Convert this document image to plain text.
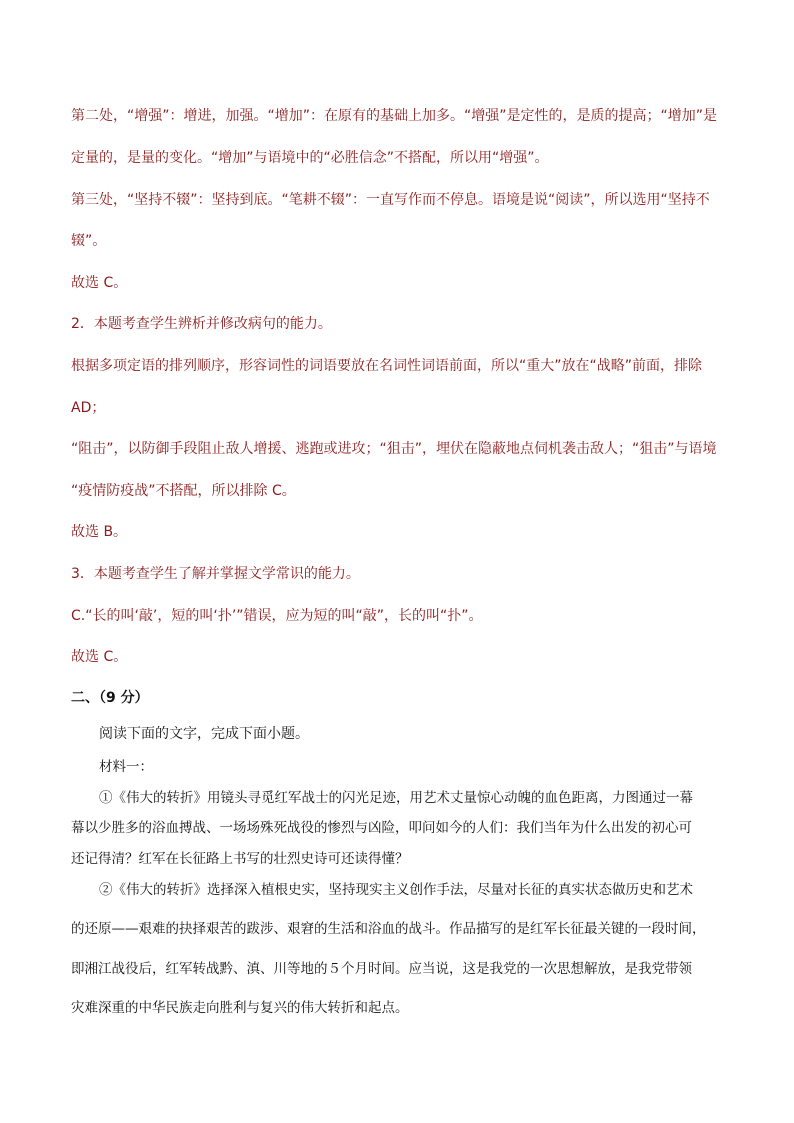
第二处，“增强”：增进，加强。“增加”：在原有的基础上加多。“增强”是定性的，是质的提高；“增加”是
定量的，是量的变化。“增加”与语境中的“必胜信念”不搭配，所以用“增强”。
第三处，“坚持不辍”：坚持到底。“笔耕不辍”：一直写作而不停息。语境是说“阅读”，所以选用“坚持不
辍”。
故选 C。
2．本题考查学生辨析并修改病句的能力。
根据多项定语的排列顺序，形容词性的词语要放在名词性词语前面，所以“重大”放在“战略”前面，排除
AD；
“阻击”，以防御手段阻止敌人增援、逃跑或进攻；“狙击”，埋伏在隐蔽地点伺机袭击敌人；“狙击”与语境
“疫情防疫战”不搭配，所以排除 C。
故选 B。
3．本题考查学生了解并掌握文学常识的能力。
C.“长的叫‘敲’，短的叫‘扑’”错误，应为短的叫“敲”，长的叫“扑”。
故选 C。
二、（9 分）
阅读下面的文字，完成下面小题。
材料一：
①《伟大的转折》用镜头寻觅红军战士的闪光足迹，用艺术丈量惊心动魄的血色距离，力图通过一幕
幕以少胜多的浴血搏战、一场场殊死战役的惨烈与凶险，叩问如今的人们：我们当年为什么出发的初心可
还记得清？红军在长征路上书写的壮烈史诗可还读得懂？
②《伟大的转折》选择深入植根史实，坚持现实主义创作手法，尽量对长征的真实状态做历史和艺术
的还原——艰难的抉择艰苦的跋涉、艰窘的生活和浴血的战斗。作品描写的是红军长征最关键的一段时间，
即湘江战役后，红军转战黔、滇、川等地的５个月时间。应当说，这是我党的一次思想解放，是我党带领
灾难深重的中华民族走向胜利与复兴的伟大转折和起点。
